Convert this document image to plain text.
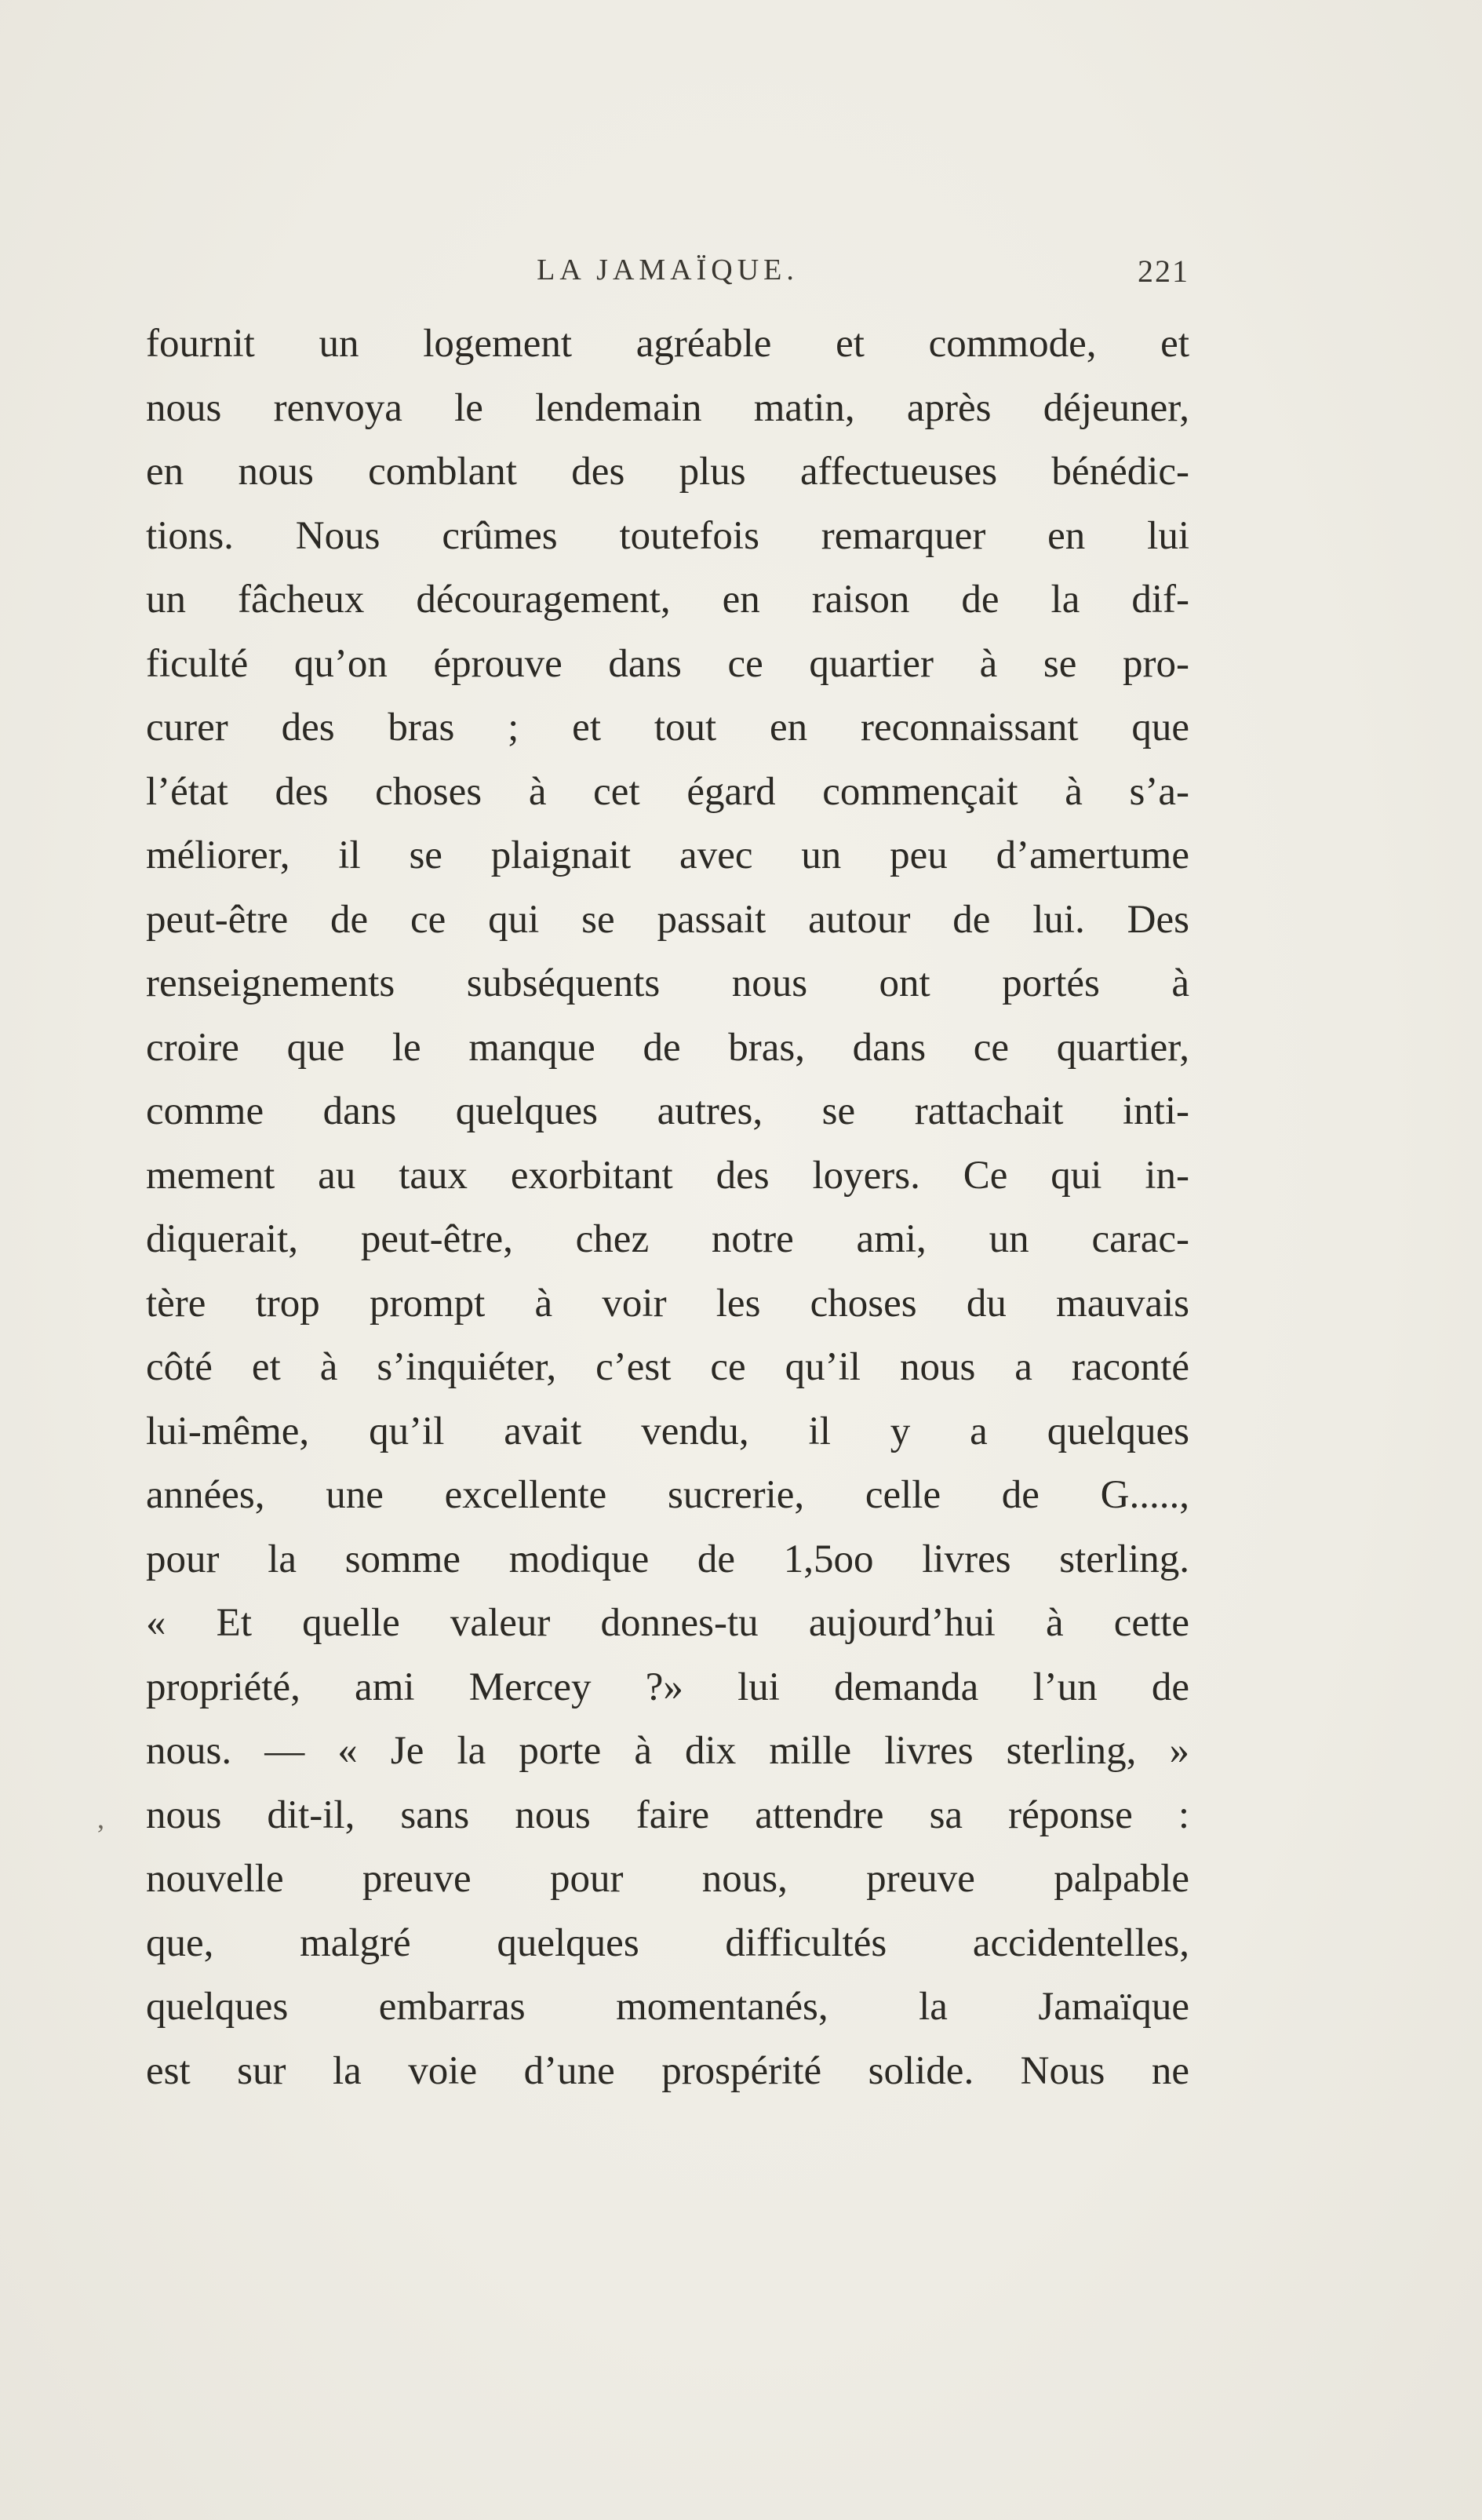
LA JAMAÏQUE.	221
,
fournit un logement agréable et commode, et
nous renvoya le lendemain matin, après déjeuner,
en nous comblant des plus affectueuses bénédic-
tions. Nous crûmes toutefois remarquer en lui
un fâcheux découragement, en raison de la dif-
ficulté qu’on éprouve dans ce quartier à se pro-
curer des bras ; et tout en reconnaissant que
l’état des choses à cet égard commençait à s’a-
méliorer, il se plaignait avec un peu d’amertume
peut-être de ce qui se passait autour de lui. Des
renseignements subséquents nous ont portés à
croire que le manque de bras, dans ce quartier,
comme dans quelques autres, se rattachait inti-
mement au taux exorbitant des loyers. Ce qui in-
diquerait, peut-être, chez notre ami, un carac-
tère trop prompt à voir les choses du mauvais
côté et à s’inquiéter, c’est ce qu’il nous a raconté
lui-même, qu’il avait vendu, il y a quelques
années, une excellente sucrerie, celle de G.....,
pour la somme modique de 1,5oo livres sterling.
« Et quelle valeur donnes-tu aujourd’hui à cette
propriété, ami Mercey ?» lui demanda l’un de
nous. — « Je la porte à dix mille livres sterling, »
nous dit-il, sans nous faire attendre sa réponse :
nouvelle preuve pour nous, preuve palpable
que, malgré quelques difficultés accidentelles,
quelques embarras momentanés, la Jamaïque
est sur la voie d’une prospérité solide. Nous ne
